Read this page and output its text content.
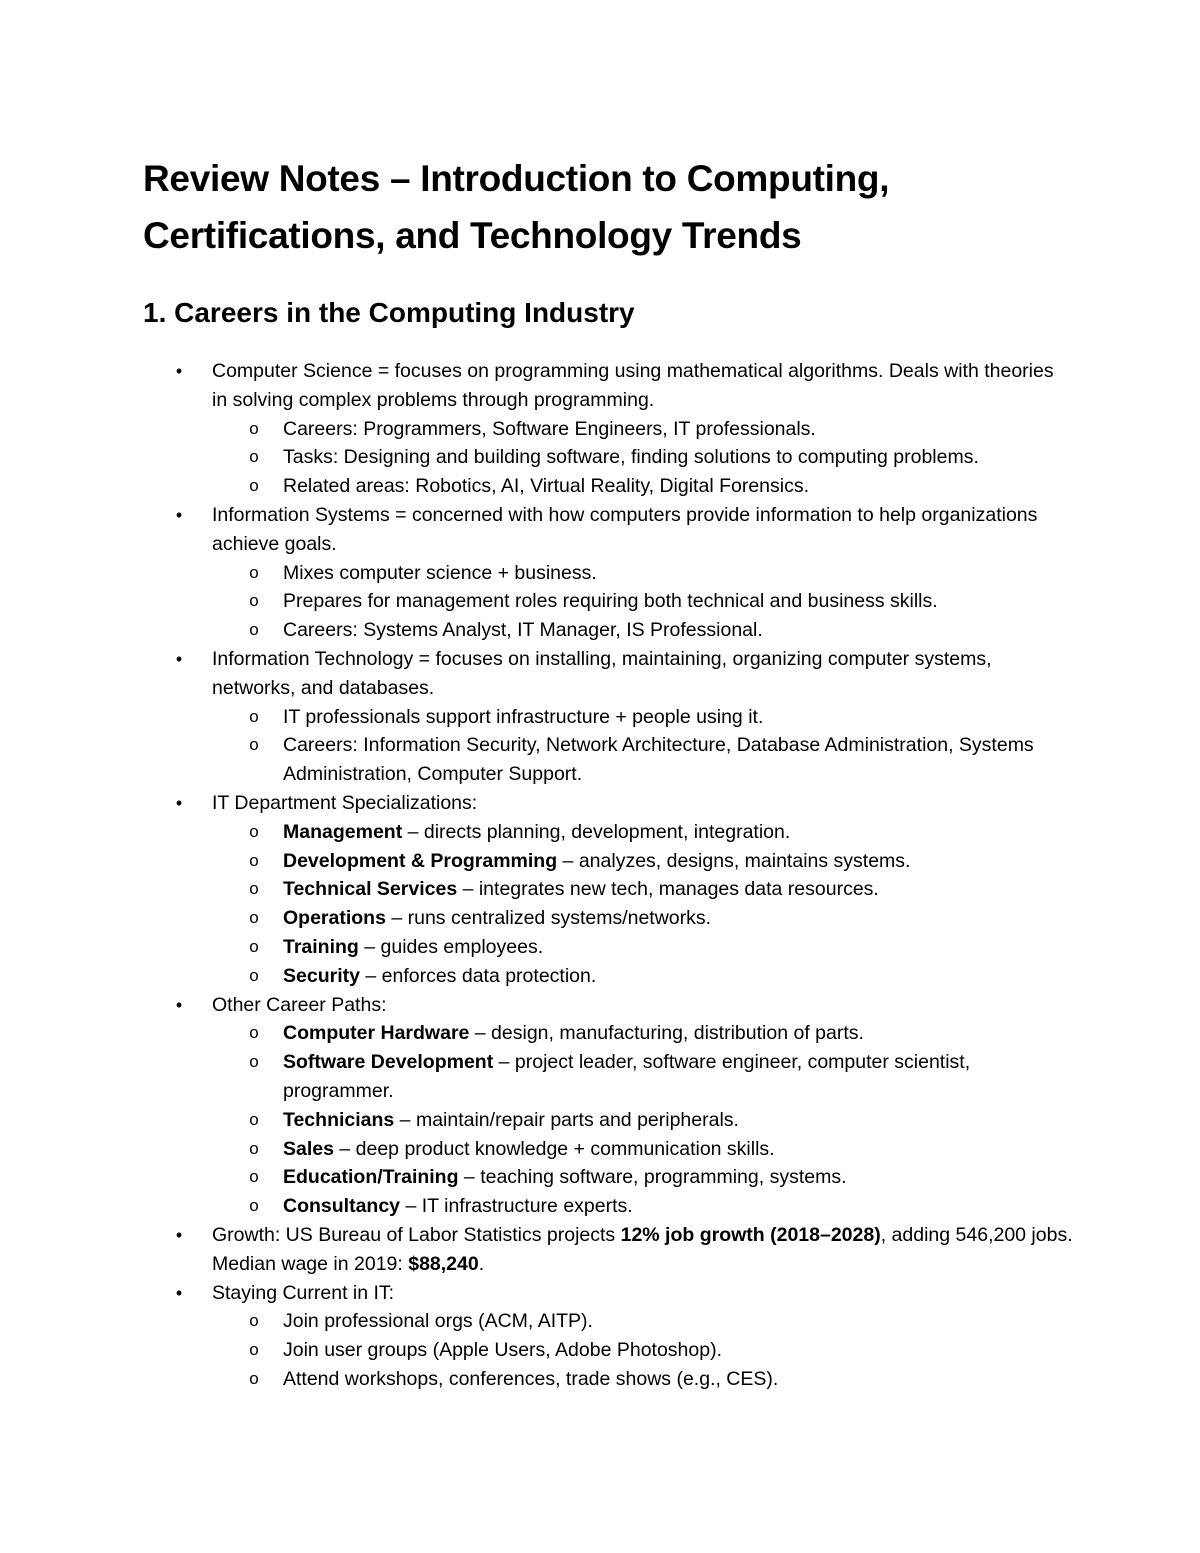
Review Notes – Introduction to Computing, Certifications, and Technology Trends
1. Careers in the Computing Industry
• Computer Science = focuses on programming using mathematical algorithms. Deals with theories in solving complex problems through programming.
o Careers: Programmers, Software Engineers, IT professionals.
o Tasks: Designing and building software, finding solutions to computing problems.
o Related areas: Robotics, AI, Virtual Reality, Digital Forensics.
• Information Systems = concerned with how computers provide information to help organizations achieve goals.
o Mixes computer science + business.
o Prepares for management roles requiring both technical and business skills.
o Careers: Systems Analyst, IT Manager, IS Professional.
• Information Technology = focuses on installing, maintaining, organizing computer systems, networks, and databases.
o IT professionals support infrastructure + people using it.
o Careers: Information Security, Network Architecture, Database Administration, Systems Administration, Computer Support.
• IT Department Specializations:
o Management – directs planning, development, integration.
o Development & Programming – analyzes, designs, maintains systems.
o Technical Services – integrates new tech, manages data resources.
o Operations – runs centralized systems/networks.
o Training – guides employees.
o Security – enforces data protection.
• Other Career Paths:
o Computer Hardware – design, manufacturing, distribution of parts.
o Software Development – project leader, software engineer, computer scientist, programmer.
o Technicians – maintain/repair parts and peripherals.
o Sales – deep product knowledge + communication skills.
o Education/Training – teaching software, programming, systems.
o Consultancy – IT infrastructure experts.
• Growth: US Bureau of Labor Statistics projects 12% job growth (2018–2028), adding 546,200 jobs. Median wage in 2019: $88,240.
• Staying Current in IT:
o Join professional orgs (ACM, AITP).
o Join user groups (Apple Users, Adobe Photoshop).
o Attend workshops, conferences, trade shows (e.g., CES).
